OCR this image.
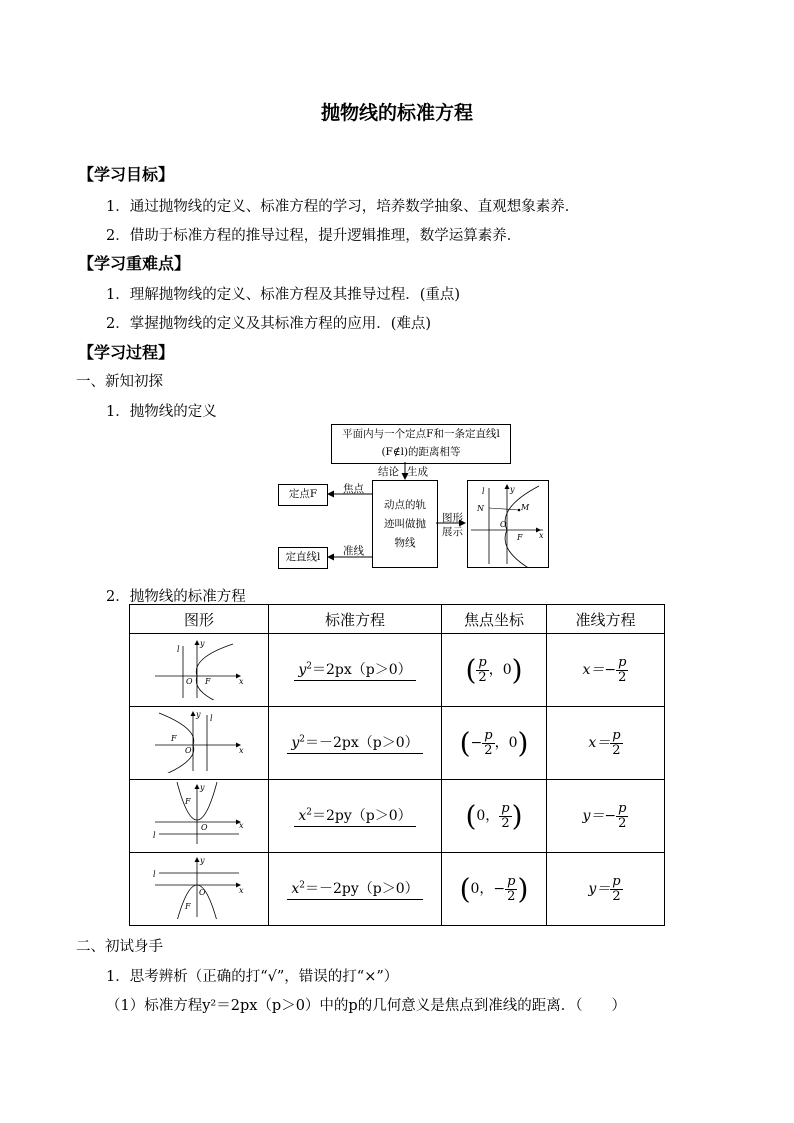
抛物线的标准方程
【学习目标】
1．通过抛物线的定义、标准方程的学习，培养数学抽象、直观想象素养．
2．借助于标准方程的推导过程，提升逻辑推理，数学运算素养．
【学习重难点】
1．理解抛物线的定义、标准方程及其推导过程．(重点)
2．掌握抛物线的定义及其标准方程的应用．(难点)
【学习过程】
一、新知初探
1．抛物线的定义
平面内与一个定点F和一条定直线l
(F∉l)的距离相等
动点的轨
迹叫做抛
物线
定点F
定直线l
结论 生成
焦点
准线
图形
展示
l	y
N	M
O
F x
2．抛物线的标准方程
图形	标准方程	焦点坐标	准线方程

l
y
O F x	$y^2=2px(p>0)$	( $\frac{p}{2}$ ，0)	$x=- \frac{p}{2}$

y l
F
O x	$y^2=-2px(p>0)$	(− $\frac{p}{2}$ ，0)	$x= \frac{p}{2}$

y
F
O x
l	$x^2=2py(p>0)$	(0， $\frac{p}{2}$ )	$y=- \frac{p}{2}$

y
l
O x
F	$x^2=-2py(p>0)$	(0，− $\frac{p}{2}$ )	$y= \frac{p}{2}$
二、初试身手
1．思考辨析（正确的打“√”，错误的打“×”）
（1）标准方程y²＝2px（p＞0）中的p的几何意义是焦点到准线的距离．（　　）
